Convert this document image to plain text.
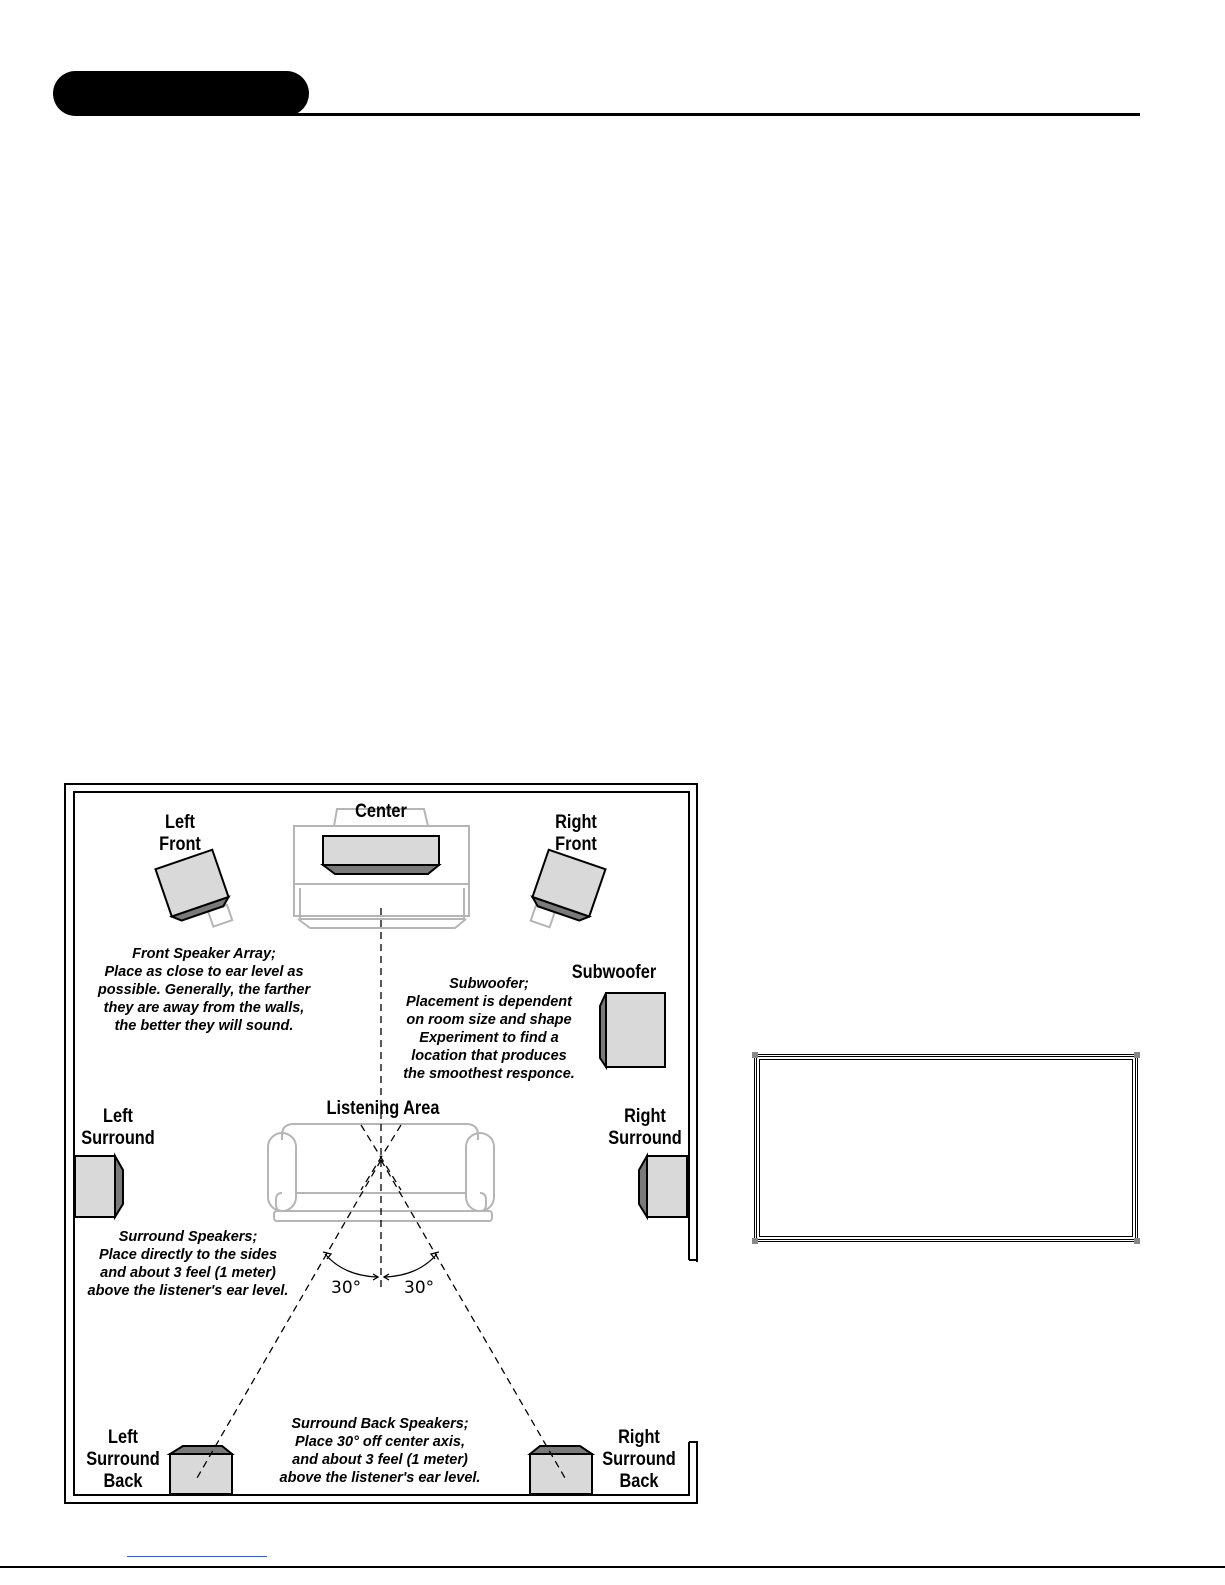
Center
Left
Front
Right
Front
Subwoofer
Left
Surround
Right
Surround
Listening Area
Left
Surround
Back
Right
Surround
Back
Front Speaker Array;
Place as close to ear level as
possible. Generally, the farther
they are away from the walls,
the better they will sound.
Subwoofer;
Placement is dependent
on room size and shape
Experiment to find a
location that produces
the smoothest responce.
Surround Speakers;
Place directly to the sides
and about 3 feel (1 meter)
above the listener's ear level.
Surround Back Speakers;
Place 30° off center axis,
and about 3 feel (1 meter)
above the listener's ear level.
30°	30°
